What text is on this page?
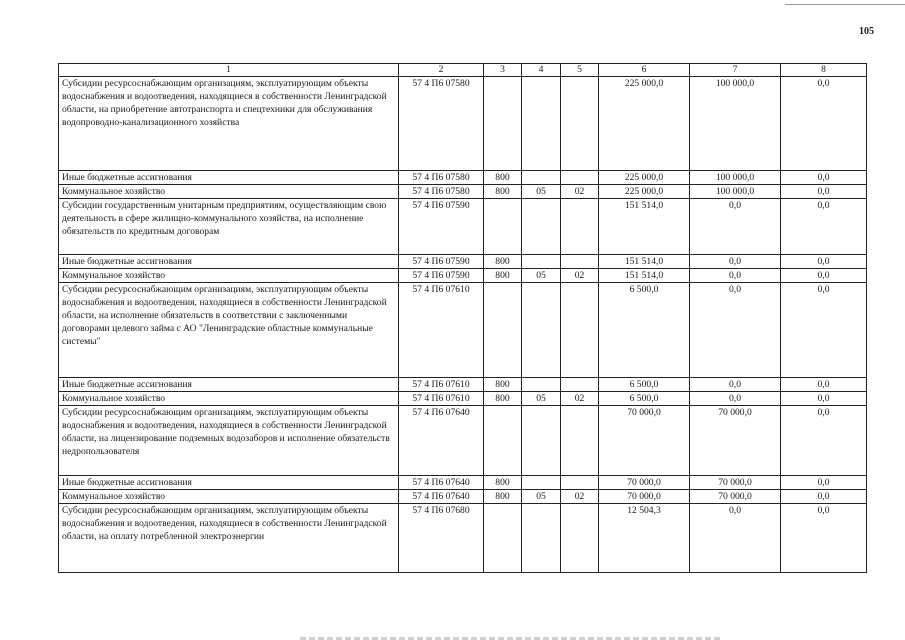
105
1	2	3	4	5	6	7	8
Субсидии ресурсоснабжающим организациям, эксплуатирующим объекты водоснабжения и водоотведения, находящиеся в собственности Ленинградской области, на приобретение автотранспорта и спецтехники для обслуживания водопроводно-канализационного хозяйства	57 4 П6 07580				225 000,0	100 000,0	0,0
Иные бюджетные ассигнования	57 4 П6 07580	800			225 000,0	100 000,0	0,0
Коммунальное хозяйство	57 4 П6 07580	800	05	02	225 000,0	100 000,0	0,0
Субсидии государственным унитарным предприятиям, осуществляющим свою деятельность в сфере жилищно-коммунального хозяйства, на исполнение обязательств по кредитным договорам	57 4 П6 07590				151 514,0	0,0	0,0
Иные бюджетные ассигнования	57 4 П6 07590	800			151 514,0	0,0	0,0
Коммунальное хозяйство	57 4 П6 07590	800	05	02	151 514,0	0,0	0,0
Субсидии ресурсоснабжающим организациям, эксплуатирующим объекты водоснабжения и водоотведения, находящиеся в собственности Ленинградской области, на исполнение обязательств в соответствии с заключенными договорами целевого займа с АО "Ленинградские областные коммунальные системы"	57 4 П6 07610				6 500,0	0,0	0,0
Иные бюджетные ассигнования	57 4 П6 07610	800			6 500,0	0,0	0,0
Коммунальное хозяйство	57 4 П6 07610	800	05	02	6 500,0	0,0	0,0
Субсидии ресурсоснабжающим организациям, эксплуатирующим объекты водоснабжения и водоотведения, находящиеся в собственности Ленинградской области, на лицензирование подземных водозаборов и исполнение обязательств недропользователя	57 4 П6 07640				70 000,0	70 000,0	0,0
Иные бюджетные ассигнования	57 4 П6 07640	800			70 000,0	70 000,0	0,0
Коммунальное хозяйство	57 4 П6 07640	800	05	02	70 000,0	70 000,0	0,0
Субсидии ресурсоснабжающим организациям, эксплуатирующим объекты водоснабжения и водоотведения, находящиеся в собственности Ленинградской области, на оплату потребленной электроэнергии	57 4 П6 07680				12 504,3	0,0	0,0
